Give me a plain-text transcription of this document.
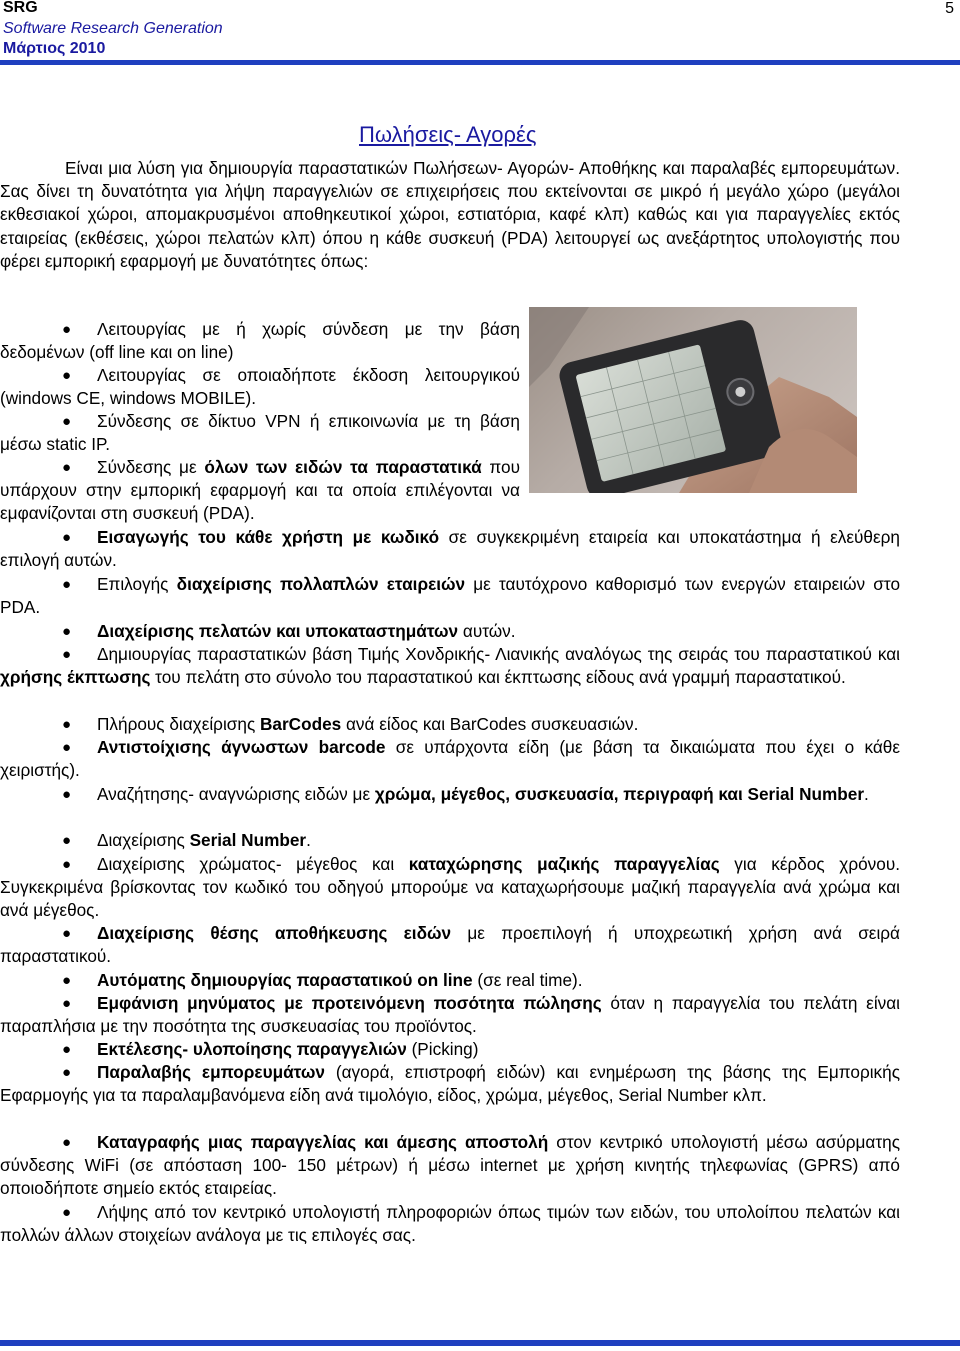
SRG
Software Research Generation
Μάρτιος 2010
5
Πωλήσεις- Αγορές

Είναι μια λύση για δημιουργία παραστατικών Πωλήσεων- Αγορών- Αποθήκης και παραλαβές εμπορευμάτων. Σας δίνει τη δυνατότητα για λήψη παραγγελιών σε επιχειρήσεις που εκτείνονται σε μικρό ή μεγάλο χώρο (μεγάλοι εκθεσιακοί χώροι, απομακρυσμένοι αποθηκευτικοί χώροι, εστιατόρια, καφέ κλπ) καθώς και για παραγγελίες εκτός εταιρείας (εκθέσεις, χώροι πελατών κλπ) όπου η κάθε συσκευή (PDA) λειτουργεί ως ανεξάρτητος υπολογιστής που φέρει εμπορική εφαρμογή με δυνατότητες όπως:

●	Λειτουργίας με ή χωρίς σύνδεση με την βάση δεδομένων (off line και on line)

●	Λειτουργίας σε οποιαδήποτε έκδοση λειτουργικού (windows CE, windows MOBILE).

●	Σύνδεσης σε δίκτυο VPN ή επικοινωνία με τη βάση μέσω static IP.

●	Σύνδεσης με όλων των ειδών τα παραστατικά που υπάρχουν στην εμπορική εφαρμογή και τα οποία επιλέγονται να εμφανίζονται στη συσκευή (PDA).

●	Εισαγωγής του κάθε χρήστη με κωδικό σε συγκεκριμένη εταιρεία και υποκατάστημα ή ελεύθερη επιλογή αυτών.

●	Επιλογής διαχείρισης πολλαπλών εταιρειών με ταυτόχρονο καθορισμό των ενεργών εταιρειών στο PDA.

●	Διαχείρισης πελατών και υποκαταστημάτων αυτών.

●	Δημιουργίας παραστατικών βάση Τιμής Χονδρικής- Λιανικής αναλόγως της σειράς του παραστατικού και χρήσης έκπτωσης του πελάτη στο σύνολο του παραστατικού και έκπτωσης είδους ανά γραμμή παραστατικού.

●	Πλήρους διαχείρισης BarCodes ανά είδος και BarCodes συσκευασιών.

●	Αντιστοίχισης άγνωστων barcode σε υπάρχοντα είδη (με βάση τα δικαιώματα που έχει ο κάθε χειριστής).

●	Αναζήτησης- αναγνώρισης ειδών με χρώμα, μέγεθος, συσκευασία, περιγραφή και Serial Number.

●	Διαχείρισης Serial Number.

●	Διαχείρισης χρώματος- μέγεθος και καταχώρησης μαζικής παραγγελίας για κέρδος χρόνου. Συγκεκριμένα βρίσκοντας τον κωδικό του οδηγού μπορούμε να καταχωρήσουμε μαζική παραγγελία ανά χρώμα και ανά μέγεθος.

●	Διαχείρισης θέσης αποθήκευσης ειδών με προεπιλογή ή υποχρεωτική χρήση ανά σειρά παραστατικού.

●	Αυτόματης δημιουργίας παραστατικού on line (σε real time).

●	Εμφάνιση μηνύματος με προτεινόμενη ποσότητα πώλησης όταν η παραγγελία του πελάτη είναι παραπλήσια με την ποσότητα της συσκευασίας του προϊόντος.

●	Εκτέλεσης- υλοποίησης παραγγελιών (Picking)

●	Παραλαβής εμπορευμάτων (αγορά, επιστροφή ειδών) και ενημέρωση της βάσης της Εμπορικής Εφαρμογής για τα παραλαμβανόμενα είδη ανά τιμολόγιο, είδος, χρώμα, μέγεθος, Serial Number κλπ.

●	Καταγραφής μιας παραγγελίας και άμεσης αποστολή στον κεντρικό υπολογιστή μέσω ασύρματης σύνδεσης WiFi (σε απόσταση 100- 150 μέτρων) ή μέσω internet με χρήση κινητής τηλεφωνίας (GPRS) από οποιοδήποτε σημείο εκτός εταιρείας.

●	Λήψης από τον κεντρικό υπολογιστή πληροφοριών όπως τιμών των ειδών, του υπολοίπου πελατών και πολλών άλλων στοιχείων ανάλογα με τις επιλογές σας.
